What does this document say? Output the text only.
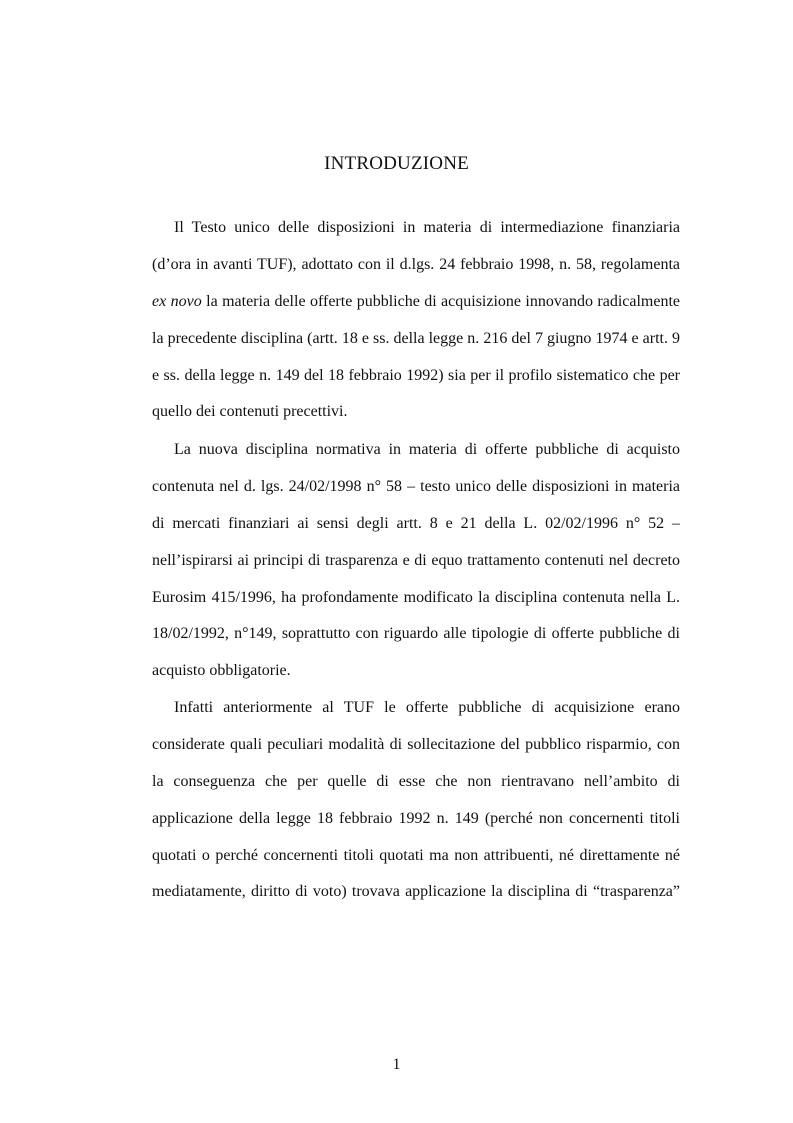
INTRODUZIONE
Il Testo unico delle disposizioni in materia di intermediazione finanziaria
(d’ora in avanti TUF), adottato con il d.lgs. 24 febbraio 1998, n. 58, regolamenta
ex novo la materia delle offerte pubbliche di acquisizione innovando radicalmente
la precedente disciplina (artt. 18 e ss. della legge n. 216 del 7 giugno 1974 e artt. 9
e ss. della legge n. 149 del 18 febbraio 1992) sia per il profilo sistematico che per
quello dei contenuti precettivi.
La nuova disciplina normativa in materia di offerte pubbliche di acquisto
contenuta nel d. lgs. 24/02/1998 n° 58 – testo unico delle disposizioni in materia
di mercati finanziari ai sensi degli artt. 8 e 21 della L. 02/02/1996 n° 52 –
nell’ispirarsi ai principi di trasparenza e di equo trattamento contenuti nel decreto
Eurosim 415/1996, ha profondamente modificato la disciplina contenuta nella L.
18/02/1992, n°149, soprattutto con riguardo alle tipologie di offerte pubbliche di
acquisto obbligatorie.
Infatti anteriormente al TUF le offerte pubbliche di acquisizione erano
considerate quali peculiari modalità di sollecitazione del pubblico risparmio, con
la conseguenza che per quelle di esse che non rientravano nell’ambito di
applicazione della legge 18 febbraio 1992 n. 149 (perché non concernenti titoli
quotati o perché concernenti titoli quotati ma non attribuenti, né direttamente né
mediatamente, diritto di voto) trovava applicazione la disciplina di “trasparenza”

1
